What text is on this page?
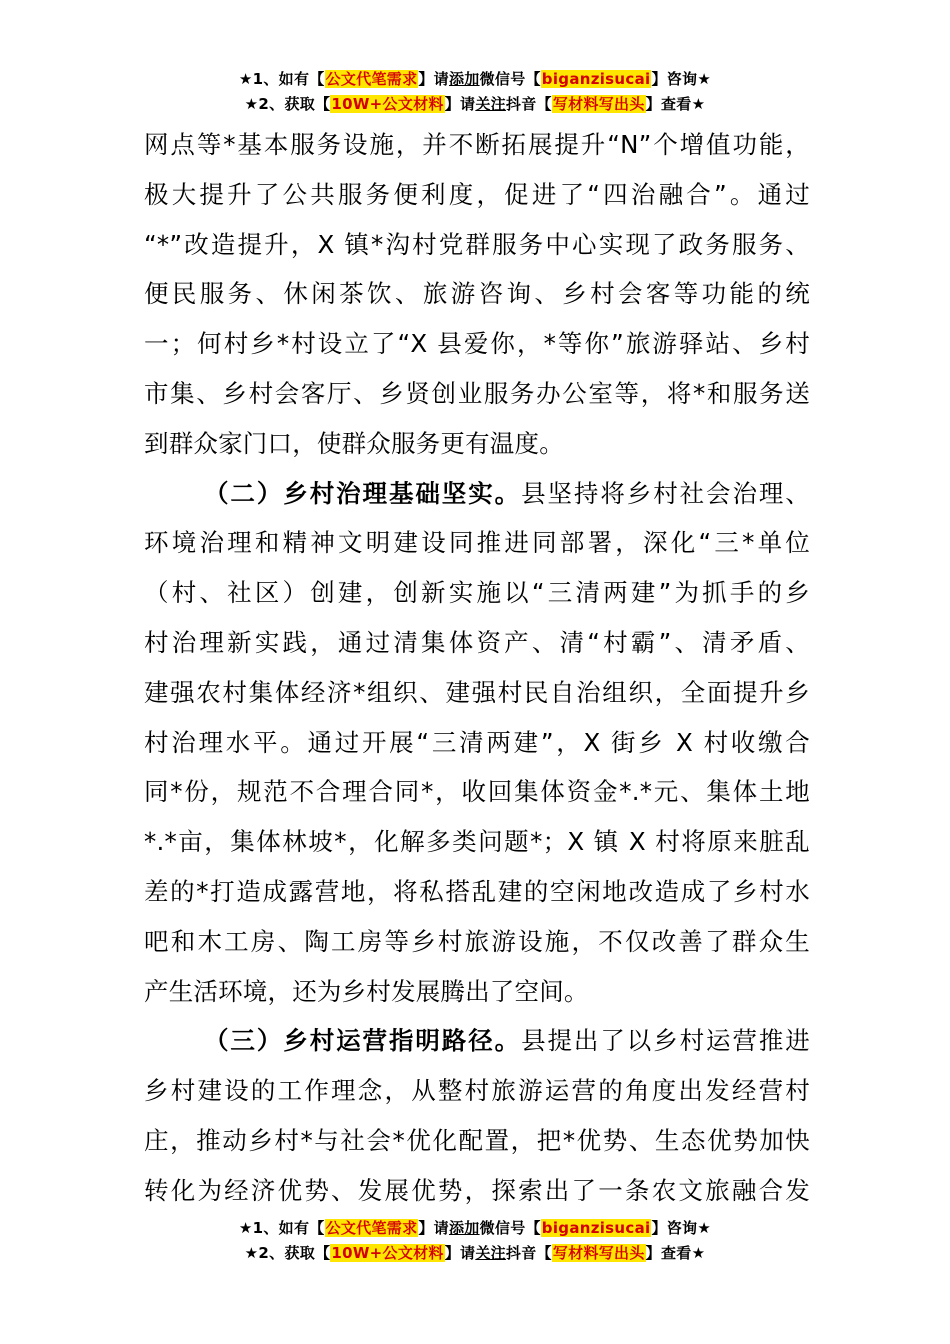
★1、如有【公文代笔需求】请添加微信号【biganzisucai】咨询★
★2、获取【10W+公文材料】请关注抖音【写材料写出头】查看★
网点等*基本服务设施，并不断拓展提升“N”个增值功能，
极大提升了公共服务便利度，促进了“四治融合”。通过
“*”改造提升，X 镇*沟村党群服务中心实现了政务服务、
便民服务、休闲茶饮、旅游咨询、乡村会客等功能的统
一；何村乡*村设立了“X 县爱你，*等你”旅游驿站、乡村
市集、乡村会客厅、乡贤创业服务办公室等，将*和服务送
到群众家门口，使群众服务更有温度。
（二）乡村治理基础坚实。县坚持将乡村社会治理、
环境治理和精神文明建设同推进同部署，深化“三*单位
（村、社区）创建，创新实施以“三清两建”为抓手的乡
村治理新实践，通过清集体资产、清“村霸”、清矛盾、
建强农村集体经济*组织、建强村民自治组织，全面提升乡
村治理水平。通过开展“三清两建”，X 街乡 X 村收缴合
同*份，规范不合理合同*，收回集体资金*.*元、集体土地
*.*亩，集体林坡*，化解多类问题*；X 镇 X 村将原来脏乱
差的*打造成露营地，将私搭乱建的空闲地改造成了乡村水
吧和木工房、陶工房等乡村旅游设施，不仅改善了群众生
产生活环境，还为乡村发展腾出了空间。
（三）乡村运营指明路径。县提出了以乡村运营推进
乡村建设的工作理念，从整村旅游运营的角度出发经营村
庄，推动乡村*与社会*优化配置，把*优势、生态优势加快
转化为经济优势、发展优势，探索出了一条农文旅融合发
★1、如有【公文代笔需求】请添加微信号【biganzisucai】咨询★
★2、获取【10W+公文材料】请关注抖音【写材料写出头】查看★
